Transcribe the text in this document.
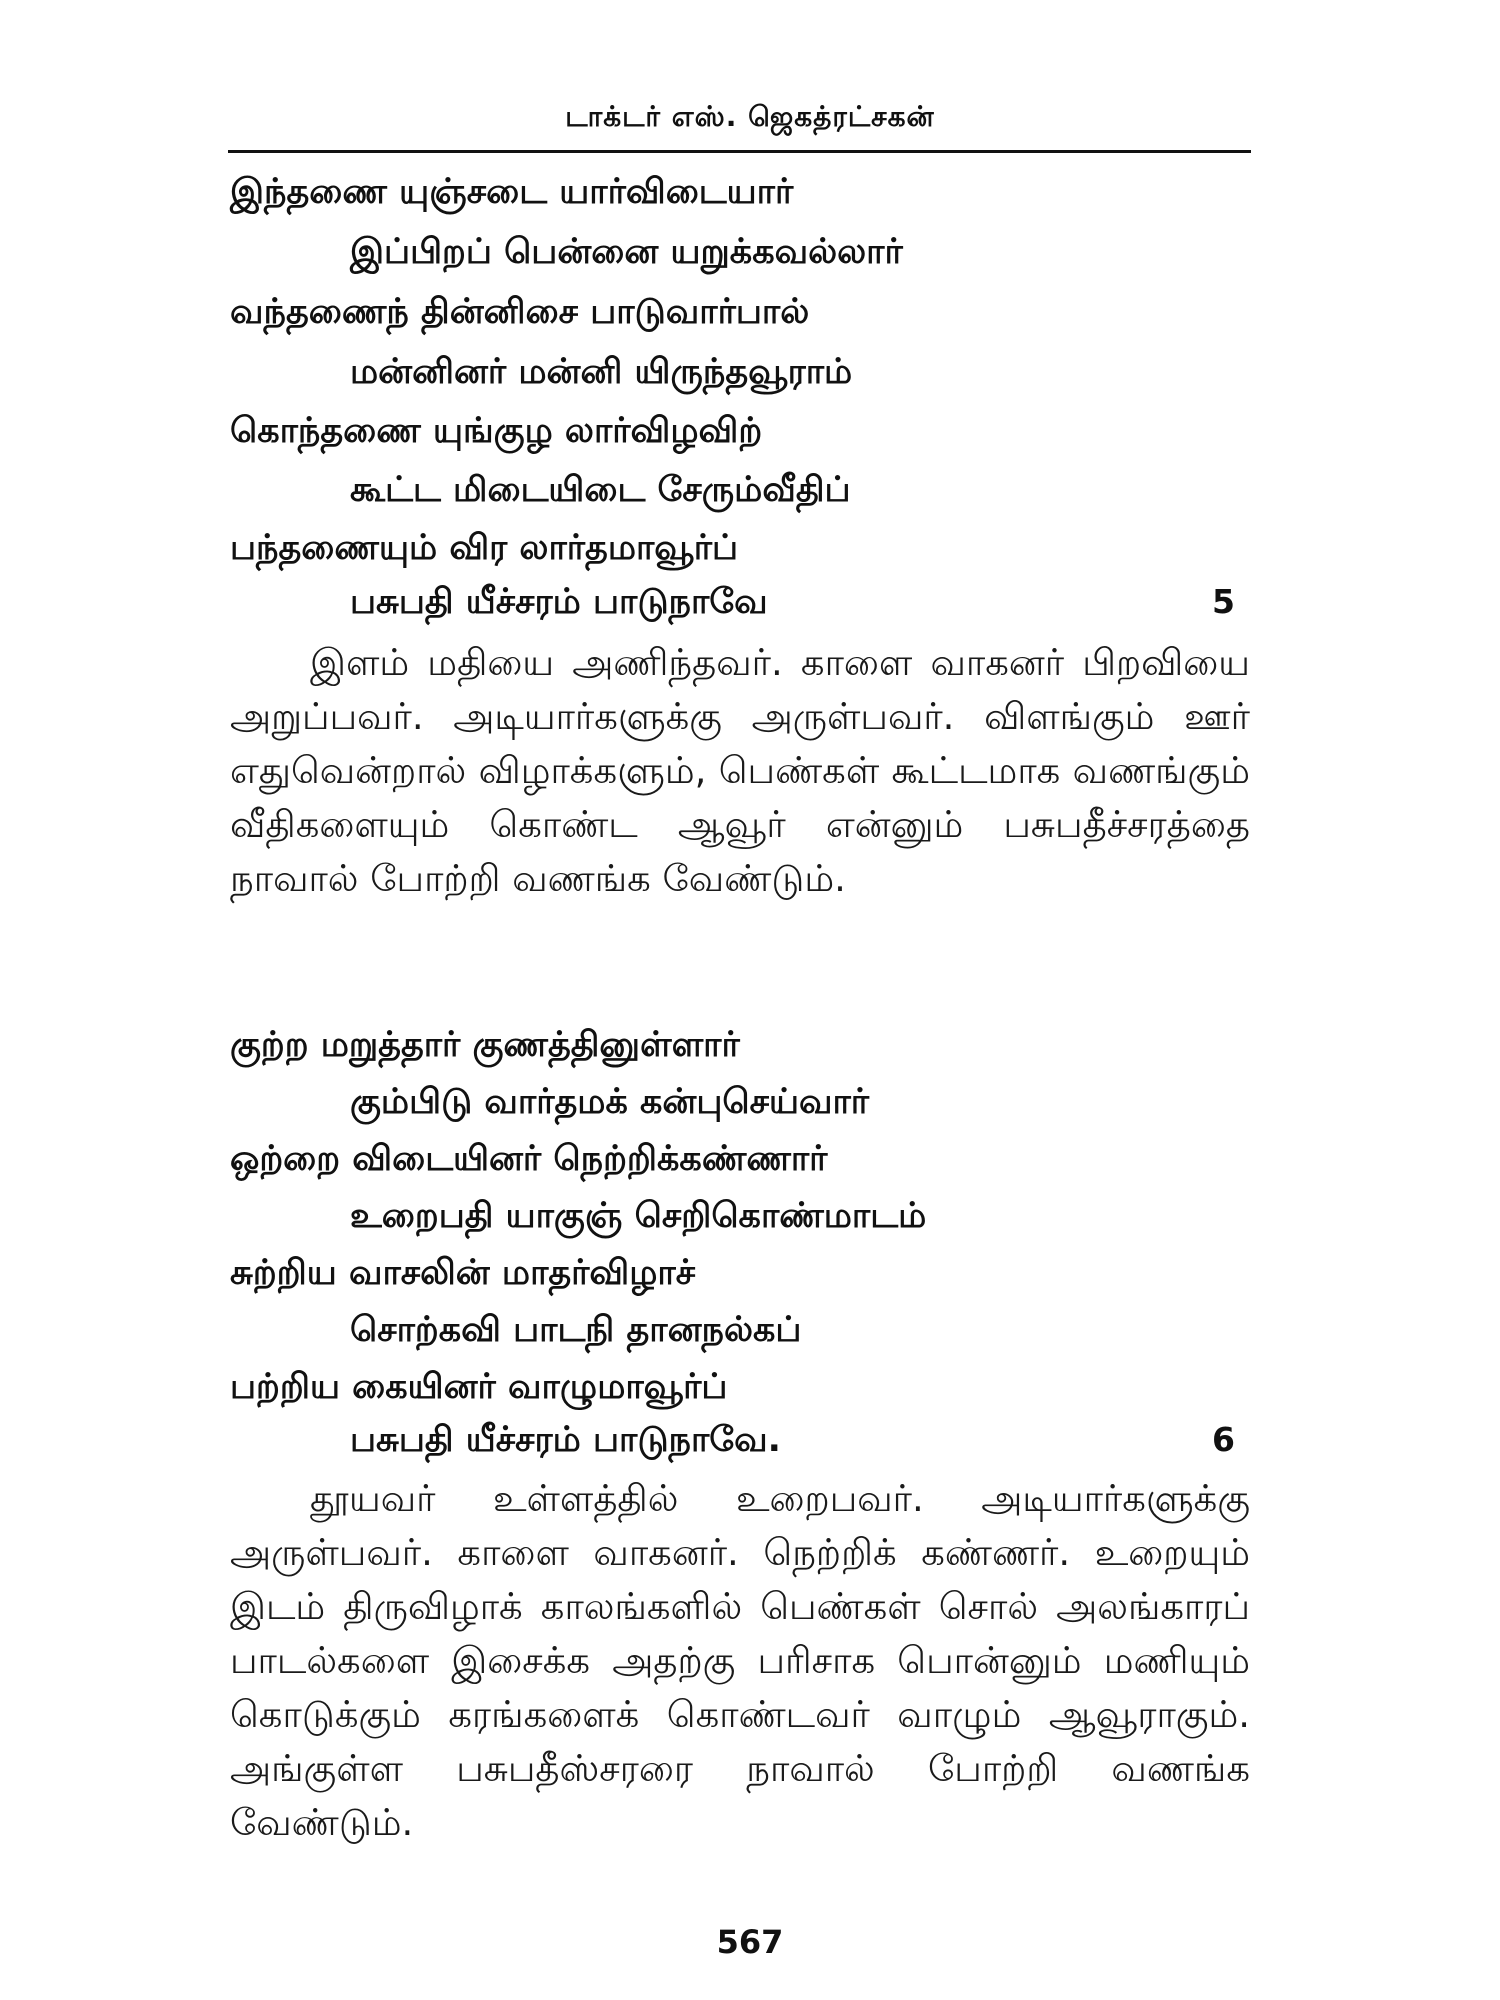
டாக்டர் எஸ். ஜெகத்ரட்சகன்
இந்தணை யுஞ்சடை யார்விடையார்
இப்பிறப் பென்னை யறுக்கவல்லார்
வந்தணைந் தின்னிசை பாடுவார்பால்
மன்னினர் மன்னி யிருந்தவூராம்
கொந்தணை யுங்குழ லார்விழவிற்
கூட்ட மிடையிடை சேரும்வீதிப்
பந்தணையும் விர லார்தமாவூர்ப்
பசுபதி யீச்சரம் பாடுநாவே	5
இளம் மதியை அணிந்தவர். காளை வாகனர் பிறவியை அறுப்பவர். அடியார்களுக்கு அருள்பவர். விளங்கும் ஊர் எதுவென்றால் விழாக்களும், பெண்கள் கூட்டமாக வணங்கும் வீதிகளையும் கொண்ட ஆவூர் என்னும் பசுபதீச்சரத்தை நாவால் போற்றி வணங்க வேண்டும்.
குற்ற மறுத்தார் குணத்தினுள்ளார்
கும்பிடு வார்தமக் கன்புசெய்வார்
ஒற்றை விடையினர் நெற்றிக்கண்ணார்
உறைபதி யாகுஞ் செறிகொண்மாடம்
சுற்றிய வாசலின் மாதர்விழாச்
சொற்கவி பாடநி தானநல்கப்
பற்றிய கையினர் வாழுமாவூர்ப்
பசுபதி யீச்சரம் பாடுநாவே.	6
தூயவர் உள்ளத்தில் உறைபவர். அடியார்களுக்கு அருள்பவர். காளை வாகனர். நெற்றிக் கண்ணர். உறையும் இடம் திருவிழாக் காலங்களில் பெண்கள் சொல் அலங்காரப் பாடல்களை இசைக்க அதற்கு பரிசாக பொன்னும் மணியும் கொடுக்கும் கரங்களைக் கொண்டவர் வாழும் ஆவூராகும். அங்குள்ள பசுபதீஸ்சரரை நாவால் போற்றி வணங்க வேண்டும்.
567
